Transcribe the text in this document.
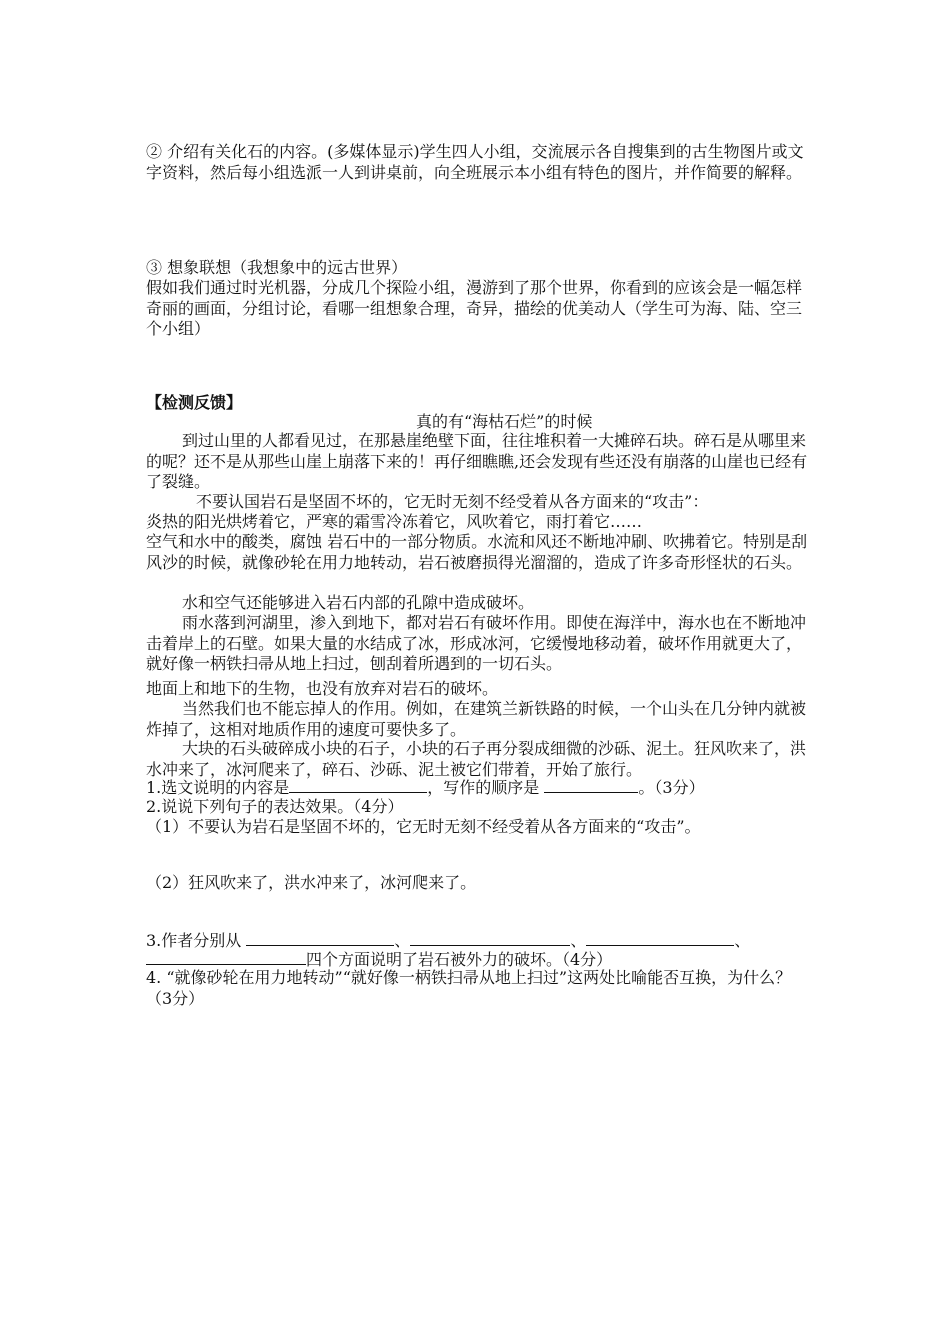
② 介绍有关化石的内容。(多媒体显示)学生四人小组，交流展示各自搜集到的古生物图片或文字资料，然后每小组选派一人到讲桌前，向全班展示本小组有特色的图片，并作简要的解释。
③ 想象联想（我想象中的远古世界）
假如我们通过时光机器，分成几个探险小组，漫游到了那个世界，你看到的应该会是一幅怎样奇丽的画面，分组讨论，看哪一组想象合理，奇异，描绘的优美动人（学生可为海、陆、空三个小组）
【检测反馈】
真的有“海枯石烂”的时候
到过山里的人都看见过，在那悬崖绝壁下面，往往堆积着一大摊碎石块。碎石是从哪里来的呢？还不是从那些山崖上崩落下来的！再仔细瞧瞧,还会发现有些还没有崩落的山崖也已经有了裂缝。
不要认国岩石是坚固不坏的，它无时无刻不经受着从各方面来的“攻击”：
炎热的阳光烘烤着它，严寒的霜雪冷冻着它，风吹着它，雨打着它……
空气和水中的酸类，腐蚀 岩石中的一部分物质。水流和风还不断地冲刷、吹拂着它。特别是刮风沙的时候，就像砂轮在用力地转动，岩石被磨损得光溜溜的，造成了许多奇形怪状的石头。
水和空气还能够进入岩石内部的孔隙中造成破坏。
雨水落到河湖里，渗入到地下，都对岩石有破坏作用。即使在海洋中，海水也在不断地冲击着岸上的石壁。如果大量的水结成了冰，形成冰河，它缓慢地移动着，破坏作用就更大了，就好像一柄铁扫帚从地上扫过，刨刮着所遇到的一切石头。
地面上和地下的生物，也没有放弃对岩石的破坏。
当然我们也不能忘掉人的作用。例如，在建筑兰新铁路的时候，一个山头在几分钟内就被炸掉了，这相对地质作用的速度可要快多了。
大块的石头破碎成小块的石子，小块的石子再分裂成细微的沙砾、泥土。狂风吹来了，洪水冲来了，冰河爬来了，碎石、沙砾、泥土被它们带着，开始了旅行。
1.选文说明的内容是	，写作的顺序是	。（3分）
2.说说下列句子的表达效果。（4分）
（1）不要认为岩石是坚固不坏的，它无时无刻不经受着从各方面来的“攻击”。
（2）狂风吹来了，洪水冲来了，冰河爬来了。
3.作者分别从	、	、	、
四个方面说明了岩石被外力的破坏。（4分）
4. “就像砂轮在用力地转动”“就好像一柄铁扫帚从地上扫过”这两处比喻能否互换，为什么？（3分）
